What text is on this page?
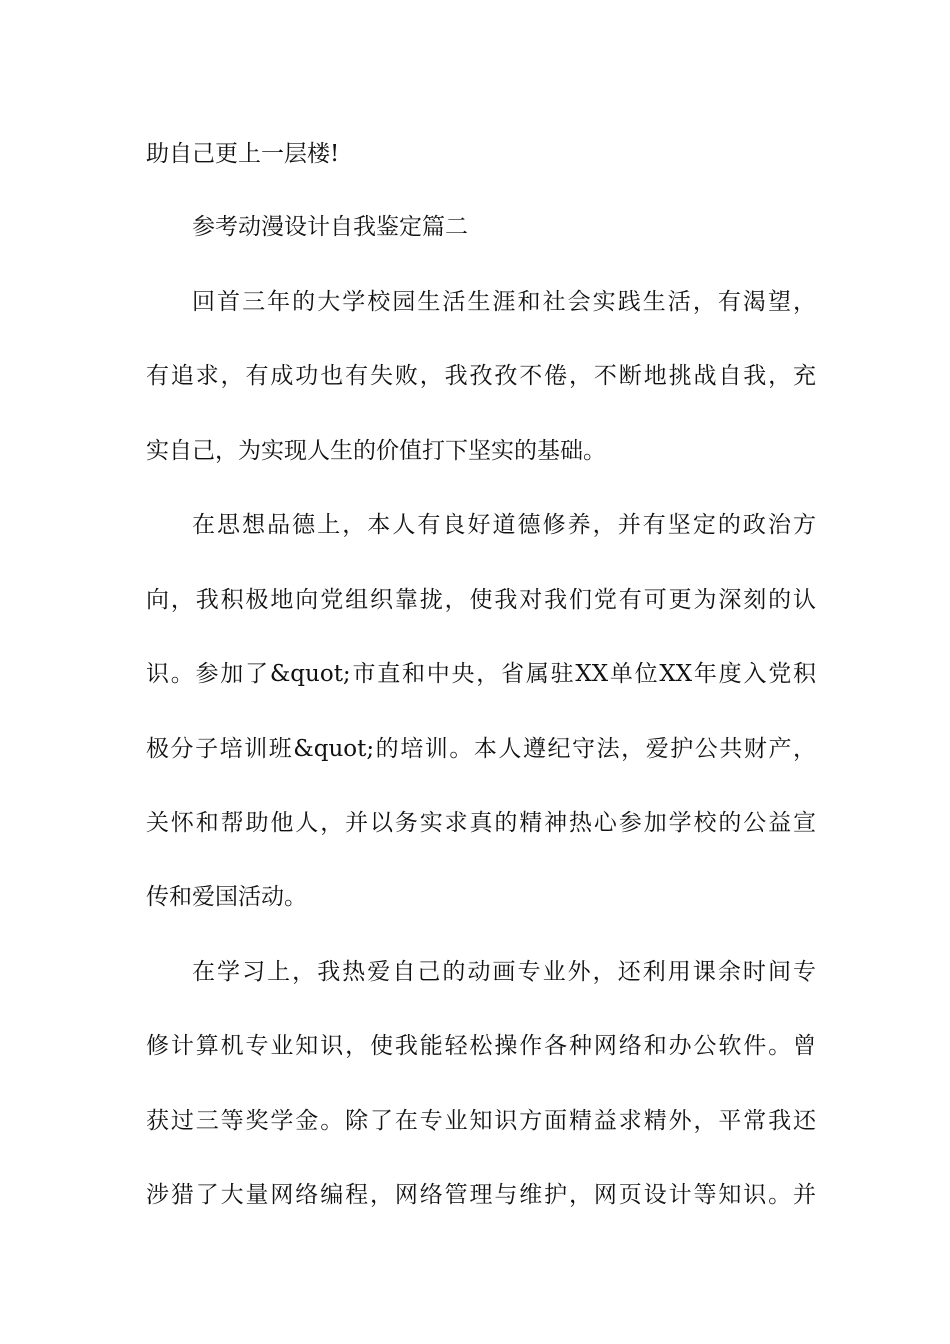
助自己更上一层楼!
参考动漫设计自我鉴定篇二
回首三年的大学校园生活生涯和社会实践生活，有渴望，
有追求，有成功也有失败，我孜孜不倦，不断地挑战自我，充
实自己，为实现人生的价值打下坚实的基础。
在思想品德上，本人有良好道德修养，并有坚定的政治方
向，我积极地向党组织靠拢，使我对我们党有可更为深刻的认
识。参加了&quot;市直和中央，省属驻XX单位XX年度入党积
极分子培训班&quot;的培训。本人遵纪守法，爱护公共财产，
关怀和帮助他人，并以务实求真的精神热心参加学校的公益宣
传和爱国活动。
在学习上，我热爱自己的动画专业外，还利用课余时间专
修计算机专业知识，使我能轻松操作各种网络和办公软件。曾
获过三等奖学金。除了在专业知识方面精益求精外，平常我还
涉猎了大量网络编程，网络管理与维护，网页设计等知识。并
